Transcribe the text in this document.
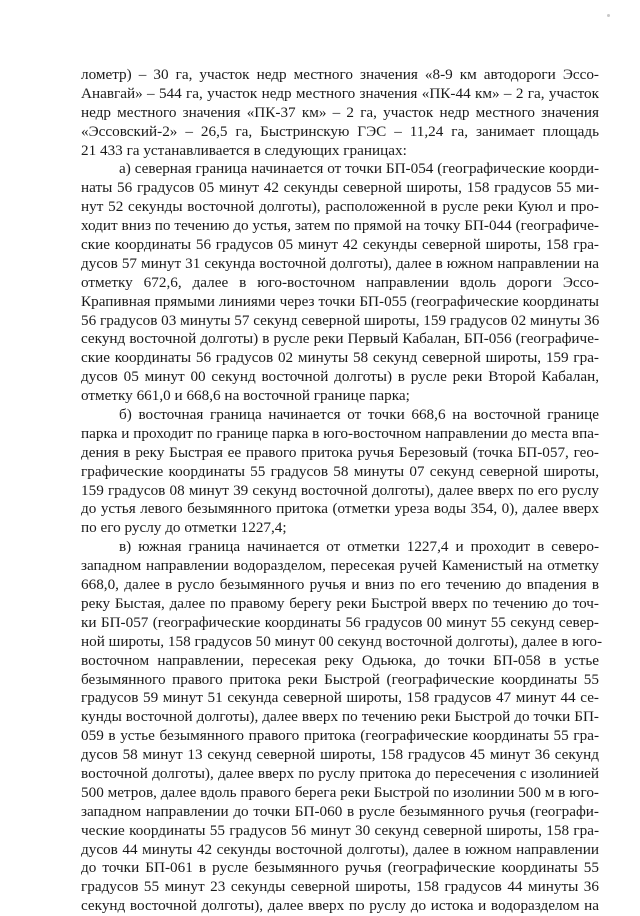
лометр) – 30 га, участок недр местного значения «8-9 км автодороги Эссо-
Анавгай» – 544 га, участок недр местного значения «ПК-44 км» – 2 га, участок
недр местного значения «ПК-37 км» – 2 га, участок недр местного значения
«Эссовский-2» – 26,5 га, Быстринскую ГЭС – 11,24 га, занимает площадь
21 433 га устанавливается в следующих границах:
а) северная граница начинается от точки БП-054 (географические коорди-
наты 56 градусов 05 минут 42 секунды северной широты, 158 градусов 55 ми-
нут 52 секунды восточной долготы), расположенной в русле реки Куюл и про-
ходит вниз по течению до устья, затем по прямой на точку БП-044 (географиче-
ские координаты 56 градусов 05 минут 42 секунды северной широты, 158 гра-
дусов 57 минут 31 секунда восточной долготы), далее в южном направлении на
отметку 672,6, далее в юго-восточном направлении вдоль дороги Эссо-
Крапивная прямыми линиями через точки БП-055 (географические координаты
56 градусов 03 минуты 57 секунд северной широты, 159 градусов 02 минуты 36
секунд восточной долготы) в русле реки Первый Кабалан, БП-056 (географиче-
ские координаты 56 градусов 02 минуты 58 секунд северной широты, 159 гра-
дусов 05 минут 00 секунд восточной долготы) в русле реки Второй Кабалан,
отметку 661,0 и 668,6 на восточной границе парка;
б) восточная граница начинается от точки 668,6 на восточной границе
парка и проходит по границе парка в юго-восточном направлении до места впа-
дения в реку Быстрая ее правого притока ручья Березовый (точка БП-057, гео-
графические координаты 55 градусов 58 минуты 07 секунд северной широты,
159 градусов 08 минут 39 секунд восточной долготы), далее вверх по его руслу
до устья левого безымянного притока (отметки уреза воды 354, 0), далее вверх
по его руслу до отметки 1227,4;
в) южная граница начинается от отметки 1227,4 и проходит в северо-
западном направлении водоразделом, пересекая ручей Каменистый на отметку
668,0, далее в русло безымянного ручья и вниз по его течению до впадения в
реку Быстая, далее по правому берегу реки Быстрой вверх по течению до точ-
ки БП-057 (географические координаты 56 градусов 00 минут 55 секунд север-
ной широты, 158 градусов 50 минут 00 секунд восточной долготы), далее в юго-
восточном направлении, пересекая реку Одьюка, до точки БП-058 в устье
безымянного правого притока реки Быстрой (географические координаты 55
градусов 59 минут 51 секунда северной широты, 158 градусов 47 минут 44 се-
кунды восточной долготы), далее вверх по течению реки Быстрой до точки БП-
059 в устье безымянного правого притока (географические координаты 55 гра-
дусов 58 минут 13 секунд северной широты, 158 градусов 45 минут 36 секунд
восточной долготы), далее вверх по руслу притока до пересечения с изолинией
500 метров, далее вдоль правого берега реки Быстрой по изолинии 500 м в юго-
западном направлении до точки БП-060 в русле безымянного ручья (географи-
ческие координаты 55 градусов 56 минут 30 секунд северной широты, 158 гра-
дусов 44 минуты 42 секунды восточной долготы), далее в южном направлении
до точки БП-061 в русле безымянного ручья (географические координаты 55
градусов 55 минут 23 секунды северной широты, 158 градусов 44 минуты 36
секунд восточной долготы), далее вверх по руслу до истока и водоразделом на
